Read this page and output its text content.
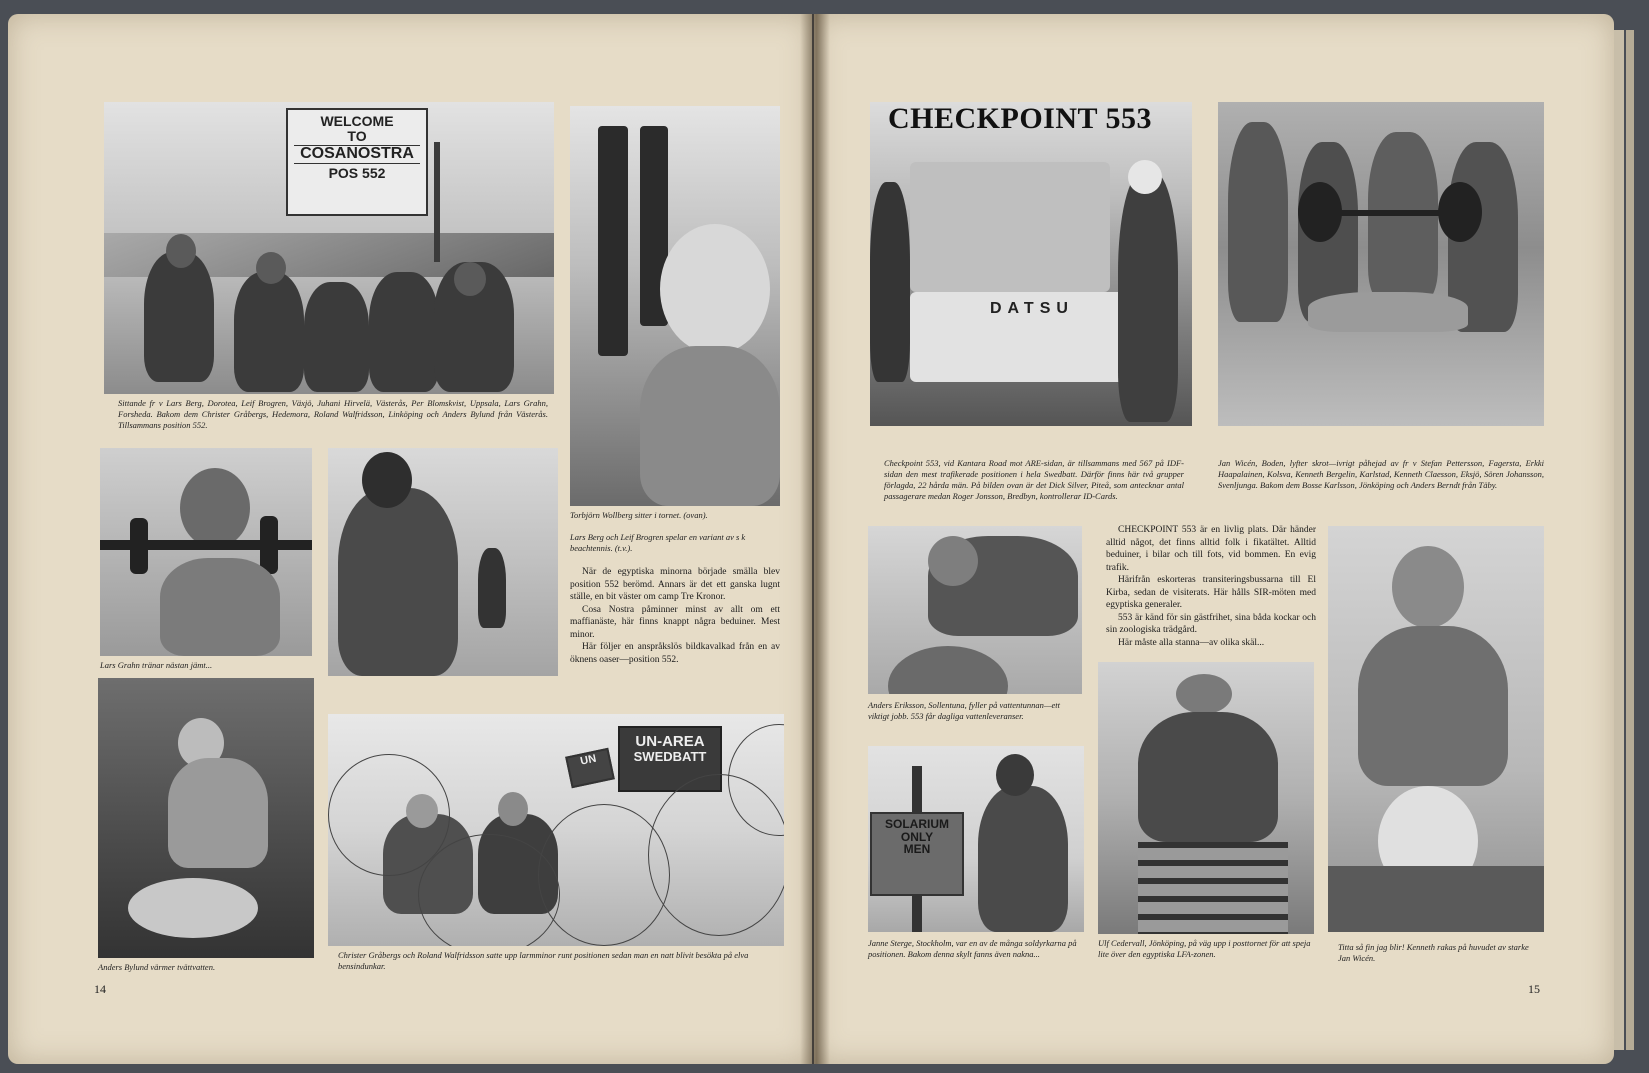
WELCOME
TO
COSANOSTRA
POS 552
Sittande fr v Lars Berg, Dorotea, Leif Brogren, Växjö, Juhani Hirvelä, Västerås, Per Blomskvist, Uppsala, Lars Grahn, Forsheda. Bakom dem Christer Gråbergs, Hedemora, Roland Walfridsson, Linköping och Anders Bylund från Västerås. Tillsammans position 552.
Torbjörn Wollberg sitter i tornet. (ovan).
Lars Berg och Leif Brogren spelar en variant av s k beachtennis. (t.v.).

När de egyptiska minorna började smälla blev position 552 berömd. Annars är det ett ganska lugnt ställe, en bit väster om camp Tre Kronor.

Cosa Nostra påminner minst av allt om ett maffianäste, här finns knappt några beduiner. Mest minor.

Här följer en anspråkslös bildkavalkad från en av öknens oaser—position 552.

Lars Grahn tränar nästan jämt...
Anders Bylund värmer tvättvatten.
UN-AREA
SWEDBATT
UN
Christer Gråbergs och Roland Walfridsson satte upp larmminor runt positionen sedan man en natt blivit besökta på elva bensindunkar.
14
CHECKPOINT 553
DATSU
Checkpoint 553, vid Kantara Road mot ARE-sidan, är tillsammans med 567 på IDF-sidan den mest trafikerade positionen i hela Swedbatt. Därför finns här två grupper förlagda, 22 hårda män. På bilden ovan är det Dick Silver, Piteå, som antecknar antal passagerare medan Roger Jonsson, Bredbyn, kontrollerar ID-Cards.
Jan Wicén, Boden, lyfter skrot—ivrigt påhejad av fr v Stefan Pettersson, Fagersta, Erkki Haapalainen, Kolsva, Kenneth Bergelin, Karlstad, Kenneth Claesson, Eksjö, Sören Johansson, Svenljunga. Bakom dem Bosse Karlsson, Jönköping och Anders Berndt från Täby.
Anders Eriksson, Sollentuna, fyller på vattentunnan—ett viktigt jobb. 553 får dagliga vattenleveranser.

CHECKPOINT 553 är en livlig plats. Där händer alltid något, det finns alltid folk i fikatältet. Alltid beduiner, i bilar och till fots, vid bommen. En evig trafik.

Härifrån eskorteras transiteringsbussarna till El Kirba, sedan de visiterats. Här hålls SIR-möten med egyptiska generaler.

553 är känd för sin gästfrihet, sina båda kockar och sin zoologiska trädgård.

Här måste alla stanna—av olika skäl...

SOLARIUM
ONLY
MEN
Janne Sterge, Stockholm, var en av de många soldyrkarna på positionen. Bakom denna skylt fanns även nakna...
Ulf Cedervall, Jönköping, på väg upp i posttornet för att speja lite över den egyptiska LFA-zonen.
Titta så fin jag blir! Kenneth rakas på huvudet av starke Jan Wicén.
15
